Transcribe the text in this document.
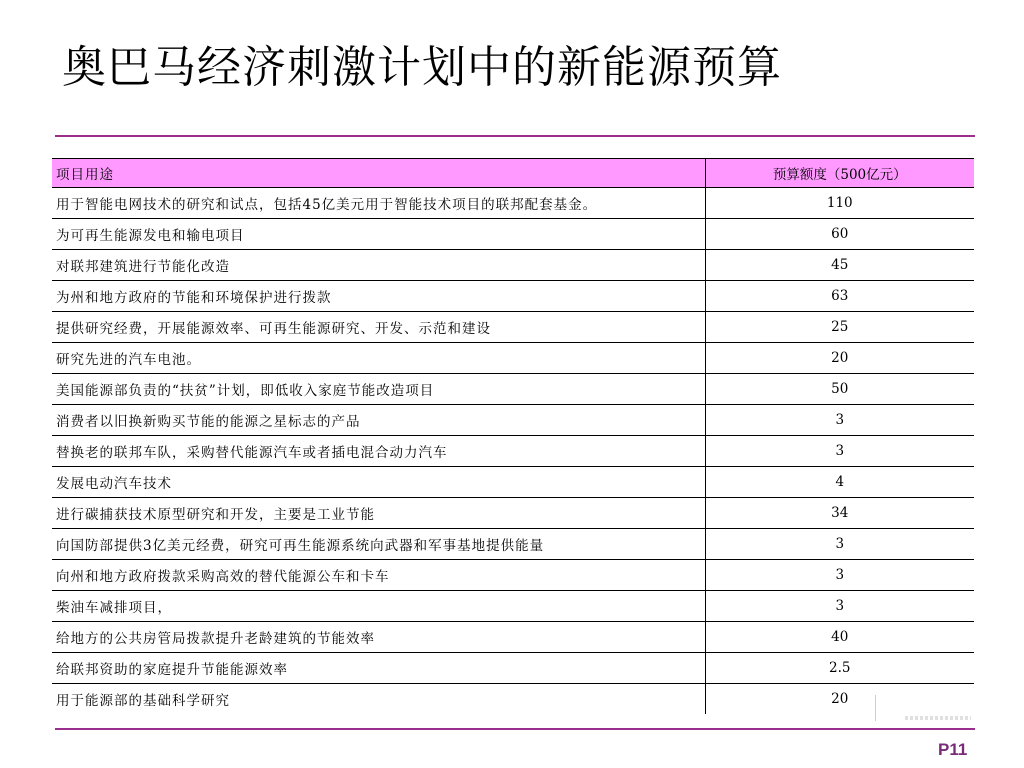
奥巴马经济刺激计划中的新能源预算
项目用途	预算额度（500亿元）
用于智能电网技术的研究和试点，包括45亿美元用于智能技术项目的联邦配套基金。	110
为可再生能源发电和输电项目	60
对联邦建筑进行节能化改造	45
为州和地方政府的节能和环境保护进行拨款	63
提供研究经费，开展能源效率、可再生能源研究、开发、示范和建设	25
研究先进的汽车电池。	20
美国能源部负责的“扶贫”计划，即低收入家庭节能改造项目	50
消费者以旧换新购买节能的能源之星标志的产品	3
替换老的联邦车队，采购替代能源汽车或者插电混合动力汽车	3
发展电动汽车技术	4
进行碳捕获技术原型研究和开发，主要是工业节能	34
向国防部提供3亿美元经费，研究可再生能源系统向武器和军事基地提供能量	3
向州和地方政府拨款采购高效的替代能源公车和卡车	3
柴油车减排项目，	3
给地方的公共房管局拨款提升老龄建筑的节能效率	40
给联邦资助的家庭提升节能能源效率	2.5
用于能源部的基础科学研究	20
P11
